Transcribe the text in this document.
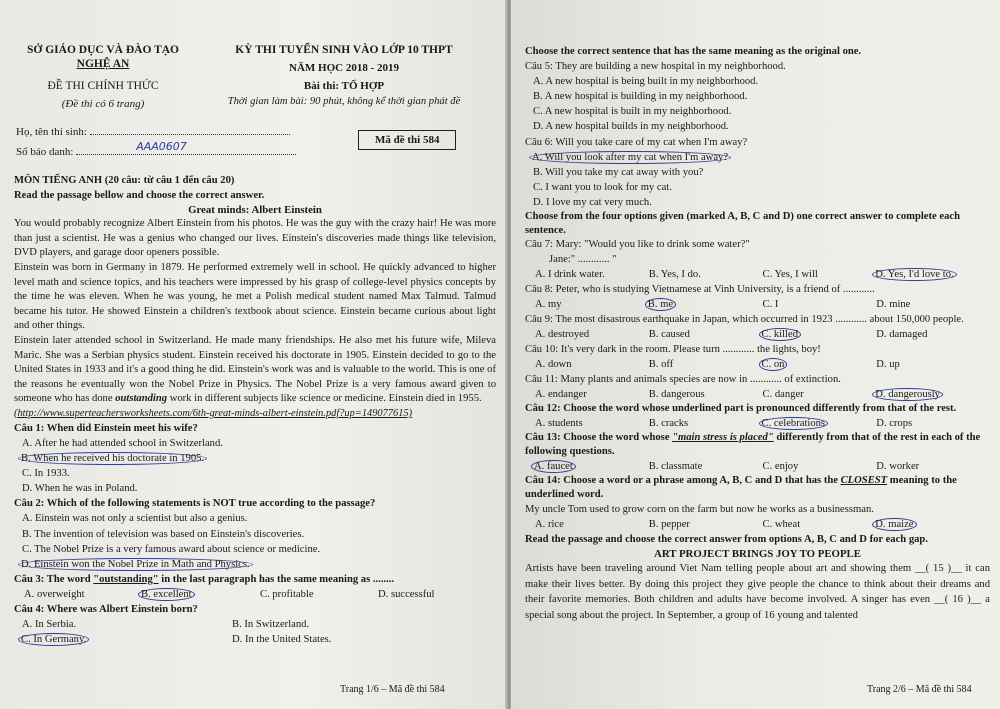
SỞ GIÁO DỤC VÀ ĐÀO TẠO
NGHỆ AN
ĐỀ THI CHÍNH THỨC
(Đề thi có 6 trang)
KỲ THI TUYỂN SINH VÀO LỚP 10 THPT
NĂM HỌC 2018 - 2019
Bài thi: TỔ HỢP
Thời gian làm bài: 90 phút, không kể thời gian phát đề
Họ, tên thí sinh:
Số báo danh:	AAA0607	Mã đề thi 584

MÔN TIẾNG ANH (20 câu: từ câu 1 đến câu 20)

Read the passage bellow and choose the correct answer.

Great minds: Albert Einstein

You would probably recognize Albert Einstein from his photos. He was the guy with the crazy hair! He was more than just a scientist. He was a genius who changed our lives. Einstein's discoveries made things like television, DVD players, and garage door openers possible.

Einstein was born in Germany in 1879. He performed extremely well in school. He quickly advanced to higher level math and science topics, and his teachers were impressed by his grasp of college-level physics concepts by the time he was eleven. When he was young, he met a Polish medical student named Max Talmud. Talmud became his tutor. He showed Einstein a children's textbook about science. Einstein became curious about light and other things.

Einstein later attended school in Switzerland. He made many friendships. He also met his future wife, Mileva Maric. She was a Serbian physics student. Einstein received his doctorate in 1905. Einstein decided to go to the United States in 1933 and it's a good thing he did. Einstein's work was and is valuable to the world. This is one of the reasons he eventually won the Nobel Prize in Physics. The Nobel Prize is a very famous award given to someone who has done outstanding work in different subjects like science or medicine. Einstein died in 1955.

(http://www.superteachersworksheets.com/6th-great-minds-albert-einstein.pdf?up=149077615)

Câu 1: When did Einstein meet his wife?

A. After he had attended school in Switzerland.

B. When he received his doctorate in 1905.

C. In 1933.

D. When he was in Poland.

Câu 2: Which of the following statements is NOT true according to the passage?

A. Einstein was not only a scientist but also a genius.

B. The invention of television was based on Einstein's discoveries.

C. The Nobel Prize is a very famous award about science or medicine.

D. Einstein won the Nobel Prize in Math and Physics.

Câu 3: The word "outstanding" in the last paragraph has the same meaning as ........

A. overweight	B. excellent	C. profitable	D. successful

Câu 4: Where was Albert Einstein born?

A. In Serbia.	B. In Switzerland.
C. In Germany.	D. In the United States.
Trang 1/6 – Mã đề thi 584

Choose the correct sentence that has the same meaning as the original one.

Câu 5: They are building a new hospital in my neighborhood.

A. A new hospital is being built in my neighborhood.

B. A new hospital is building in my neighborhood.

C. A new hospital is built in my neighborhood.

D. A new hospital builds in my neighborhood.

Câu 6: Will you take care of my cat when I'm away?

A. Will you look after my cat when I'm away?

B. Will you take my cat away with you?

C. I want you to look for my cat.

D. I love my cat very much.

Choose from the four options given (marked A, B, C and D) one correct answer to complete each sentence.

Câu 7: Mary: "Would you like to drink some water?"

Jane:" ............ "

A. I drink water.	B. Yes, I do.	C. Yes, I will	D. Yes, I'd love to.

Câu 8: Peter, who is studying Vietnamese at Vinh University, is a friend of ............

A. my	B. me	C. I	D. mine

Câu 9: The most disastrous earthquake in Japan, which occurred in 1923 ............ about 150,000 people.

A. destroyed	B. caused	C. killed	D. damaged

Câu 10: It's very dark in the room. Please turn ............ the lights, boy!

A. down	B. off	C. on	D. up

Câu 11: Many plants and animals species are now in ............ of extinction.

A. endanger	B. dangerous	C. danger	D. dangerously

Câu 12: Choose the word whose underlined part is pronounced differently from that of the rest.

A. students	B. cracks	C. celebrations	D. crops

Câu 13: Choose the word whose "main stress is placed" differently from that of the rest in each of the following questions.

A. faucet	B. classmate	C. enjoy	D. worker

Câu 14: Choose a word or a phrase among A, B, C and D that has the CLOSEST meaning to the underlined word.

My uncle Tom used to grow corn on the farm but now he works as a businessman.

A. rice	B. pepper	C. wheat	D. maize

Read the passage and choose the correct answer from options A, B, C and D for each gap.

ART PROJECT BRINGS JOY TO PEOPLE

Artists have been traveling around Viet Nam telling people about art and showing them __( 15 )__ it can make their lives better. By doing this project they give people the chance to think about their dreams and their favorite memories. Both children and adults have become involved. A singer has even __( 16 )__ a special song about the project. In September, a group of 16 young and talented

Trang 2/6 – Mã đề thi 584
